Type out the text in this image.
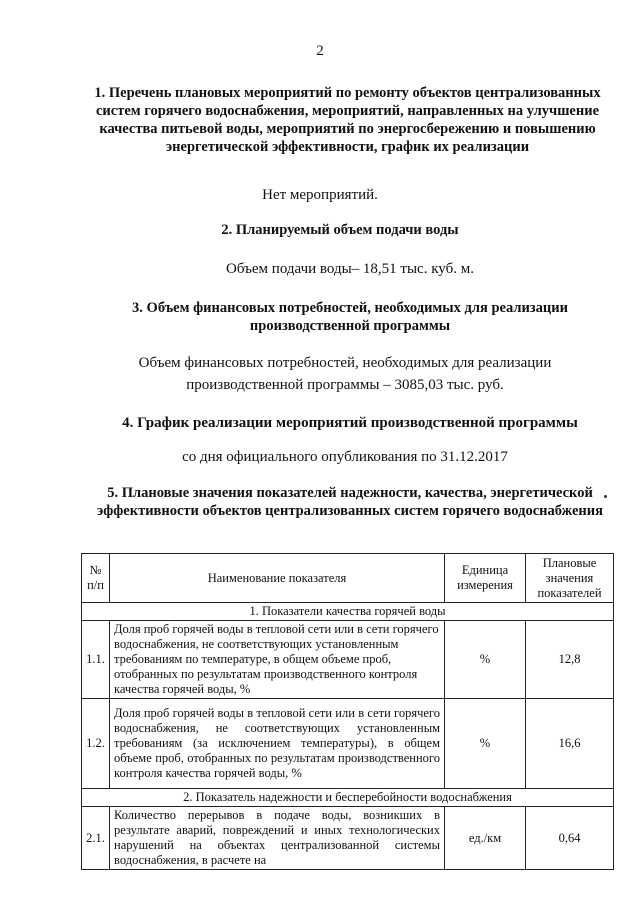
2
1. Перечень плановых мероприятий по ремонту объектов централизованных систем горячего водоснабжения, мероприятий, направленных на улучшение качества питьевой воды, мероприятий по энергосбережению и повышению энергетической эффективности, график их реализации
Нет мероприятий.
2. Планируемый объем подачи воды
Объем подачи воды– 18,51 тыс. куб. м.
3. Объем финансовых потребностей, необходимых для реализации производственной программы
Объем финансовых потребностей, необходимых для реализации производственной программы – 3085,03 тыс. руб.
4. График реализации мероприятий производственной программы
со дня официального опубликования по 31.12.2017
5. Плановые значения показателей надежности, качества, энергетической эффективности объектов централизованных систем горячего водоснабжения
№ п/п	Наименование показателя	Единица измерения	Плановые значения показателей
1. Показатели качества горячей воды			
1.1.	Доля проб горячей воды в тепловой сети или в сети горячего водоснабжения, не соответствующих установленным требованиям по температуре, в общем объеме проб, отобранных по результатам производственного контроля качества горячей воды, %	%	12,8
1.2.	Доля проб горячей воды в тепловой сети или в сети горячего водоснабжения, не соответствующих установленным требованиям (за исключением температуры), в общем объеме проб, отобранных по результатам производственного контроля качества горячей воды, %	%	16,6
2. Показатель надежности и бесперебойности водоснабжения			
2.1.	Количество перерывов в подаче воды, возникших в результате аварий, повреждений и иных технологических нарушений на объектах централизованной системы водоснабжения, в расчете на	ед./км	0,64
